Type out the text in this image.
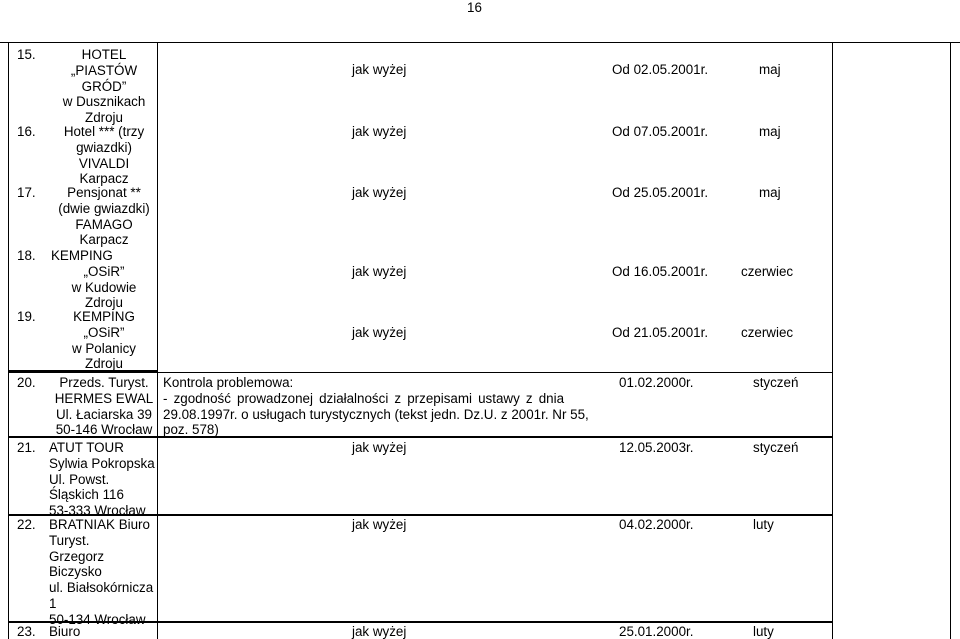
16
15.	HOTEL
„PIASTÓW
GRÓD”
w Dusznikach
Zdroju
jak wyżej	Od 02.05.2001r.	maj
16.	Hotel *** (trzy
gwiazdki)
VIVALDI
Karpacz
jak wyżej	Od 07.05.2001r.	maj
17.	Pensjonat **
(dwie gwiazdki)
FAMAGO
Karpacz
jak wyżej	Od 25.05.2001r.	maj
18.	KEMPING
„OSiR”
w Kudowie
Zdroju
jak wyżej	Od 16.05.2001r. czerwiec
19.	KEMPING
„OSiR”
w Polanicy
Zdroju
jak wyżej	Od 21.05.2001r. czerwiec
20.	Przeds. Turyst.
HERMES EWAL
Ul. Łaciarska 39
50-146 Wrocław
Kontrola problemowa:
- zgodność prowadzonej działalności z przepisami ustawy z dnia
29.08.1997r. o usługach turystycznych (tekst jedn. Dz.U. z 2001r. Nr 55,
poz. 578)
01.02.2000r.	styczeń
21. ATUT TOUR
Sylwia Pokropska
Ul. Powst.
Śląskich 116
53-333 Wrocław
jak wyżej	12.05.2003r.	styczeń
22. BRATNIAK Biuro
Turyst.
Grzegorz
Biczysko
ul. Białsokórnicza
1
50-134 Wrocław
jak wyżej	04.02.2000r.	luty
23. Biuro	jak wyżej	25.01.2000r.	luty
